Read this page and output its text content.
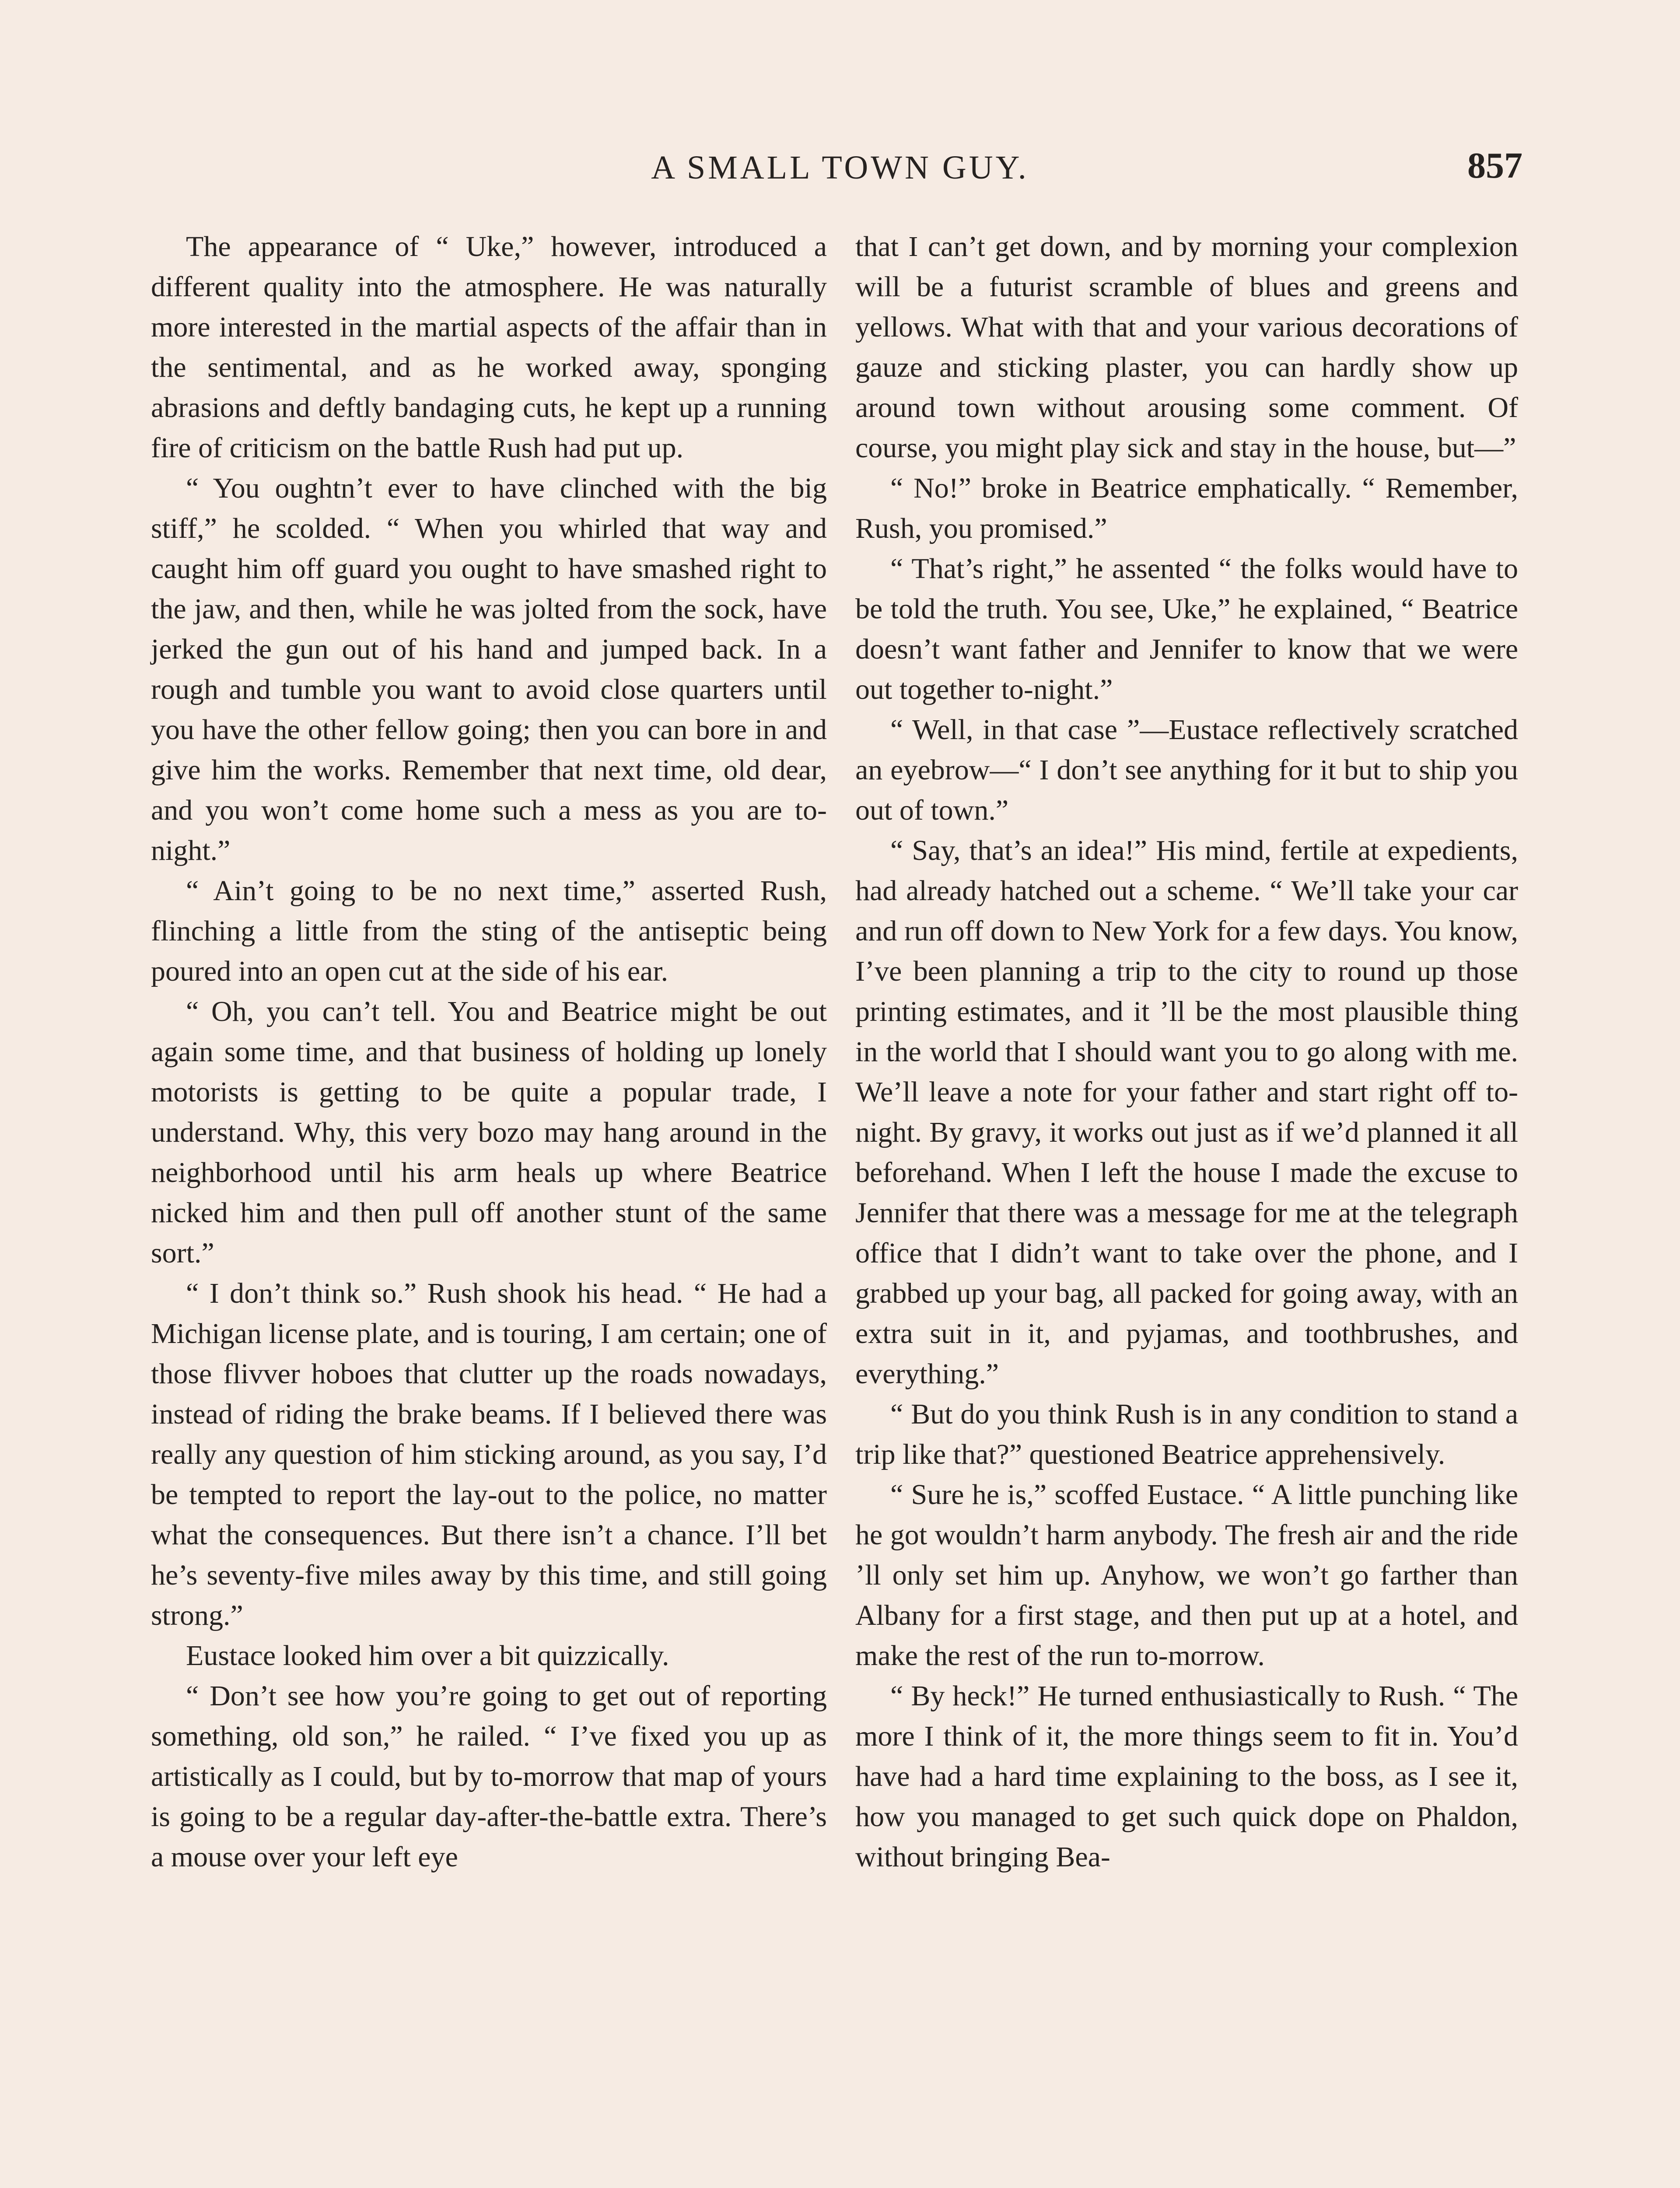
A SMALL TOWN GUY.	857

The appearance of “ Uke,” however, introduced a different quality into the atmosphere. He was naturally more interested in the martial aspects of the affair than in the sentimental, and as he worked away, sponging abrasions and deftly bandaging cuts, he kept up a running fire of criticism on the battle Rush had put up.

“ You oughtn’t ever to have clinched with the big stiff,” he scolded. “ When you whirled that way and caught him off guard you ought to have smashed right to the jaw, and then, while he was jolted from the sock, have jerked the gun out of his hand and jumped back. In a rough and tumble you want to avoid close quarters until you have the other fellow going; then you can bore in and give him the works. Remember that next time, old dear, and you won’t come home such a mess as you are to-night.”

“ Ain’t going to be no next time,” asserted Rush, flinching a little from the sting of the antiseptic being poured into an open cut at the side of his ear.

“ Oh, you can’t tell. You and Beatrice might be out again some time, and that business of holding up lonely motorists is getting to be quite a popular trade, I understand. Why, this very bozo may hang around in the neighborhood until his arm heals up where Beatrice nicked him and then pull off another stunt of the same sort.”

“ I don’t think so.” Rush shook his head. “ He had a Michigan license plate, and is touring, I am certain; one of those flivver hoboes that clutter up the roads nowadays, instead of riding the brake beams. If I believed there was really any question of him sticking around, as you say, I’d be tempted to report the lay-out to the police, no matter what the consequences. But there isn’t a chance. I’ll bet he’s seventy-five miles away by this time, and still going strong.”

Eustace looked him over a bit quizzically.

“ Don’t see how you’re going to get out of reporting something, old son,” he railed. “ I’ve fixed you up as artistically as I could, but by to-morrow that map of yours is going to be a regular day-after-the-battle extra. There’s a mouse over your left eye

that I can’t get down, and by morning your complexion will be a futurist scramble of blues and greens and yellows. What with that and your various decorations of gauze and sticking plaster, you can hardly show up around town without arousing some comment. Of course, you might play sick and stay in the house, but—”

“ No!” broke in Beatrice emphatically. “ Remember, Rush, you promised.”

“ That’s right,” he assented “ the folks would have to be told the truth. You see, Uke,” he explained, “ Beatrice doesn’t want father and Jennifer to know that we were out together to-night.”

“ Well, in that case ”—Eustace reflectively scratched an eyebrow—“ I don’t see anything for it but to ship you out of town.”

“ Say, that’s an idea!” His mind, fertile at expedients, had already hatched out a scheme. “ We’ll take your car and run off down to New York for a few days. You know, I’ve been planning a trip to the city to round up those printing estimates, and it ’ll be the most plausible thing in the world that I should want you to go along with me. We’ll leave a note for your father and start right off to-night. By gravy, it works out just as if we’d planned it all beforehand. When I left the house I made the excuse to Jennifer that there was a message for me at the telegraph office that I didn’t want to take over the phone, and I grabbed up your bag, all packed for going away, with an extra suit in it, and pyjamas, and toothbrushes, and everything.”

“ But do you think Rush is in any condition to stand a trip like that?” questioned Beatrice apprehensively.

“ Sure he is,” scoffed Eustace. “ A little punching like he got wouldn’t harm anybody. The fresh air and the ride ’ll only set him up. Anyhow, we won’t go farther than Albany for a first stage, and then put up at a hotel, and make the rest of the run to-morrow.

“ By heck!” He turned enthusiastically to Rush. “ The more I think of it, the more things seem to fit in. You’d have had a hard time explaining to the boss, as I see it, how you managed to get such quick dope on Phaldon, without bringing Bea-
